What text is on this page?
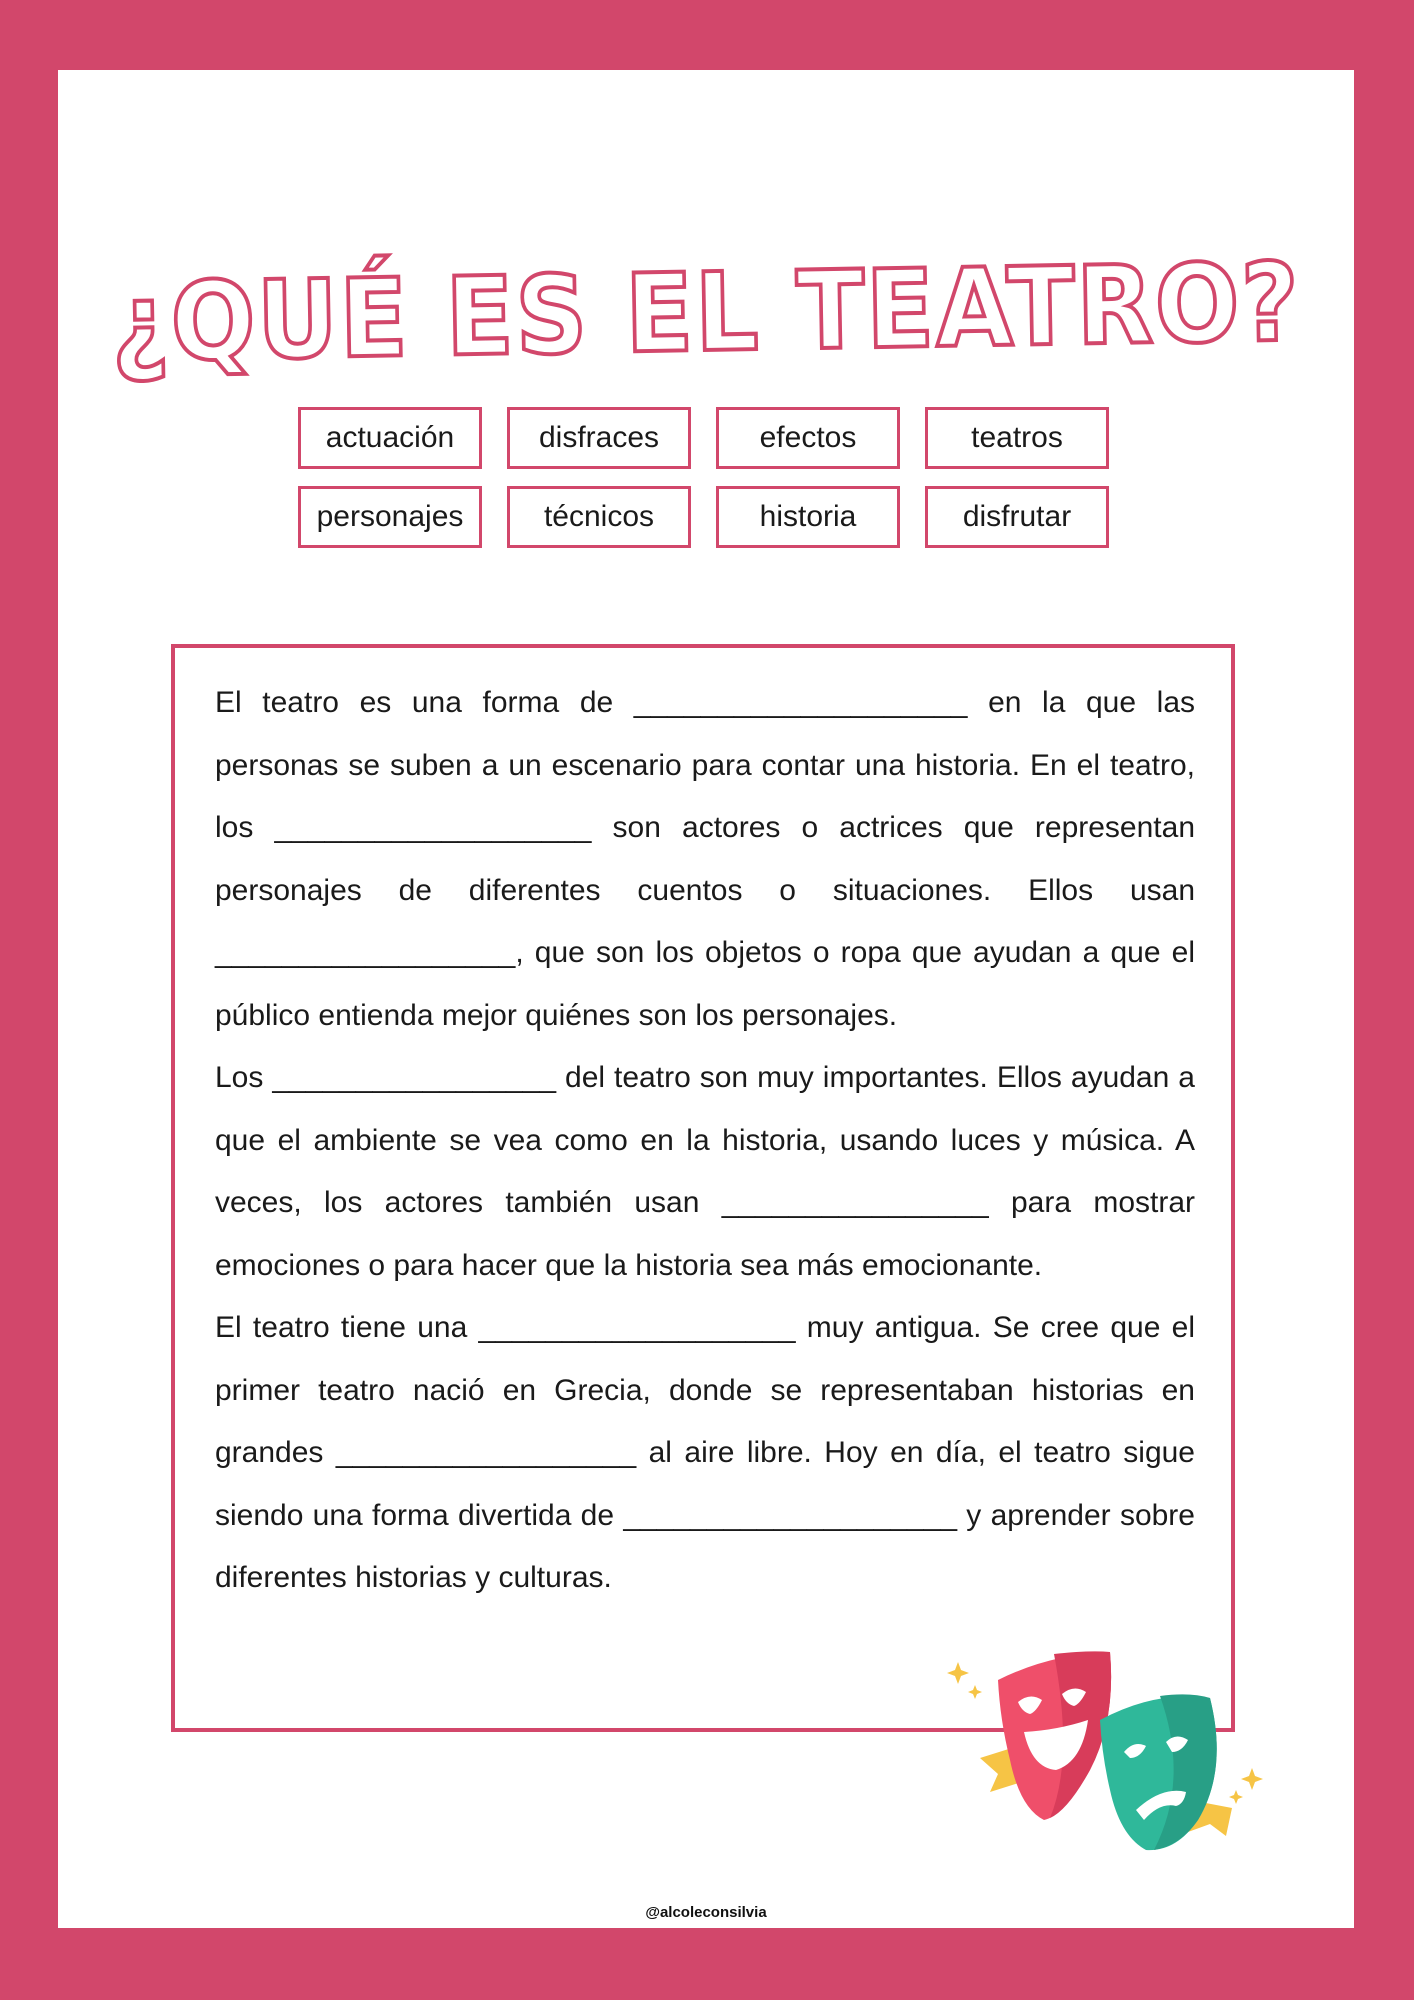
¿QUÉ ES EL TEATRO?
actuación	disfraces	efectos	teatros
personajes	técnicos	historia	disfrutar

El teatro es una forma de ____________________ en la que las personas se suben a un escenario para contar una historia. En el teatro, los ___________________ son actores o actrices que representan personajes de diferentes cuentos o situaciones. Ellos usan __________________, que son los objetos o ropa que ayudan a que el público entienda mejor quiénes son los personajes.

Los _________________ del teatro son muy importantes. Ellos ayudan a que el ambiente se vea como en la historia, usando luces y música. A veces, los actores también usan ________________ para mostrar emociones o para hacer que la historia sea más emocionante.

El teatro tiene una ___________________ muy antigua. Se cree que el primer teatro nació en Grecia, donde se representaban historias en grandes __________________ al aire libre. Hoy en día, el teatro sigue siendo una forma divertida de ____________________ y aprender sobre diferentes historias y culturas.

@alcoleconsilvia
